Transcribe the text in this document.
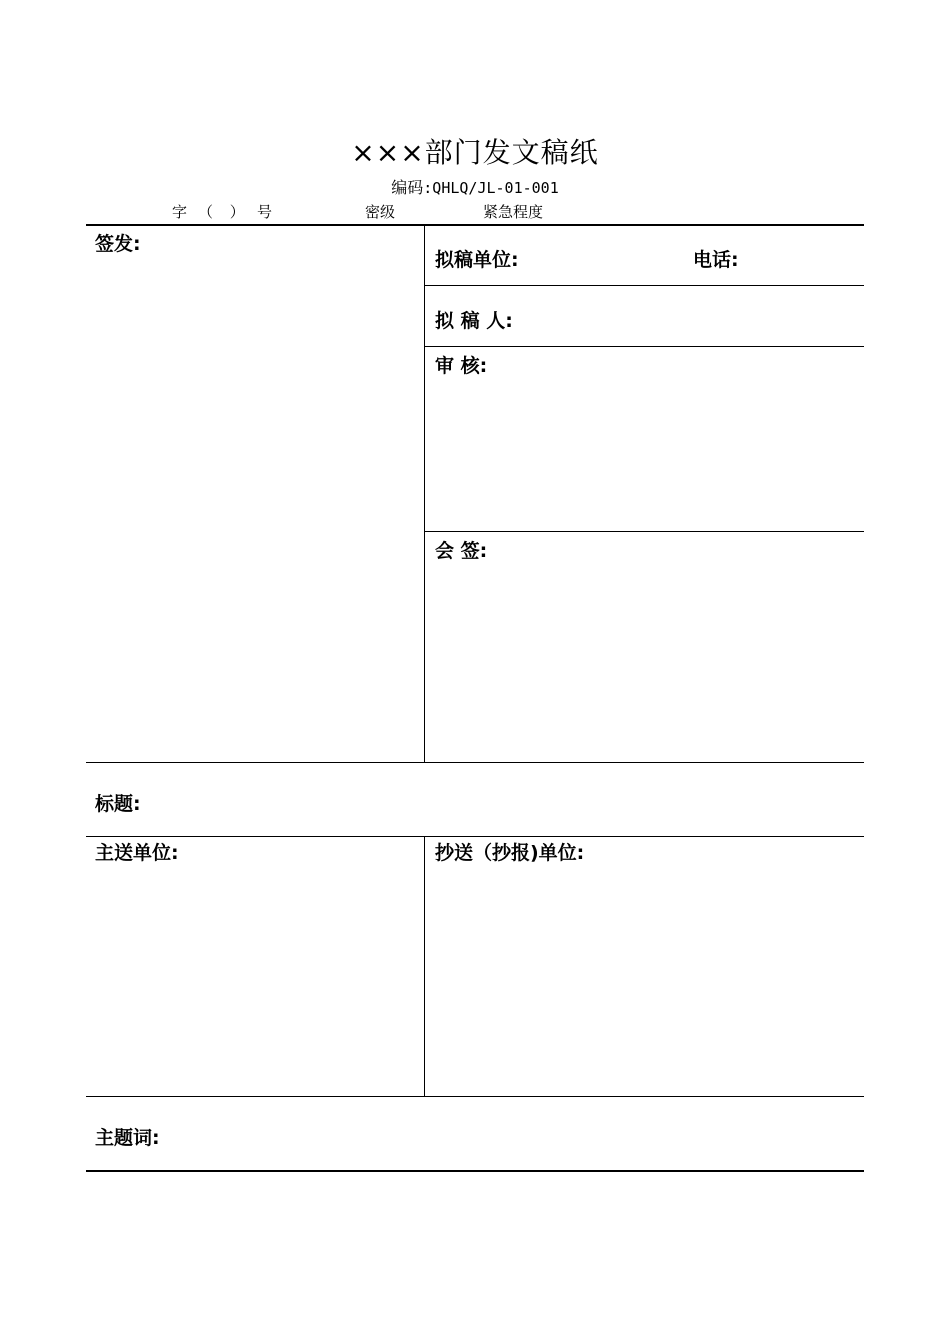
×××部门发文稿纸
编码:QHLQ/JL-01-001
字 （ ） 号	密级	紧急程度
签发:
拟稿单位:	电话:
拟 稿 人:
审 核:
会 签:
标题:
主送单位:	抄送（抄报)单位:
主题词:
